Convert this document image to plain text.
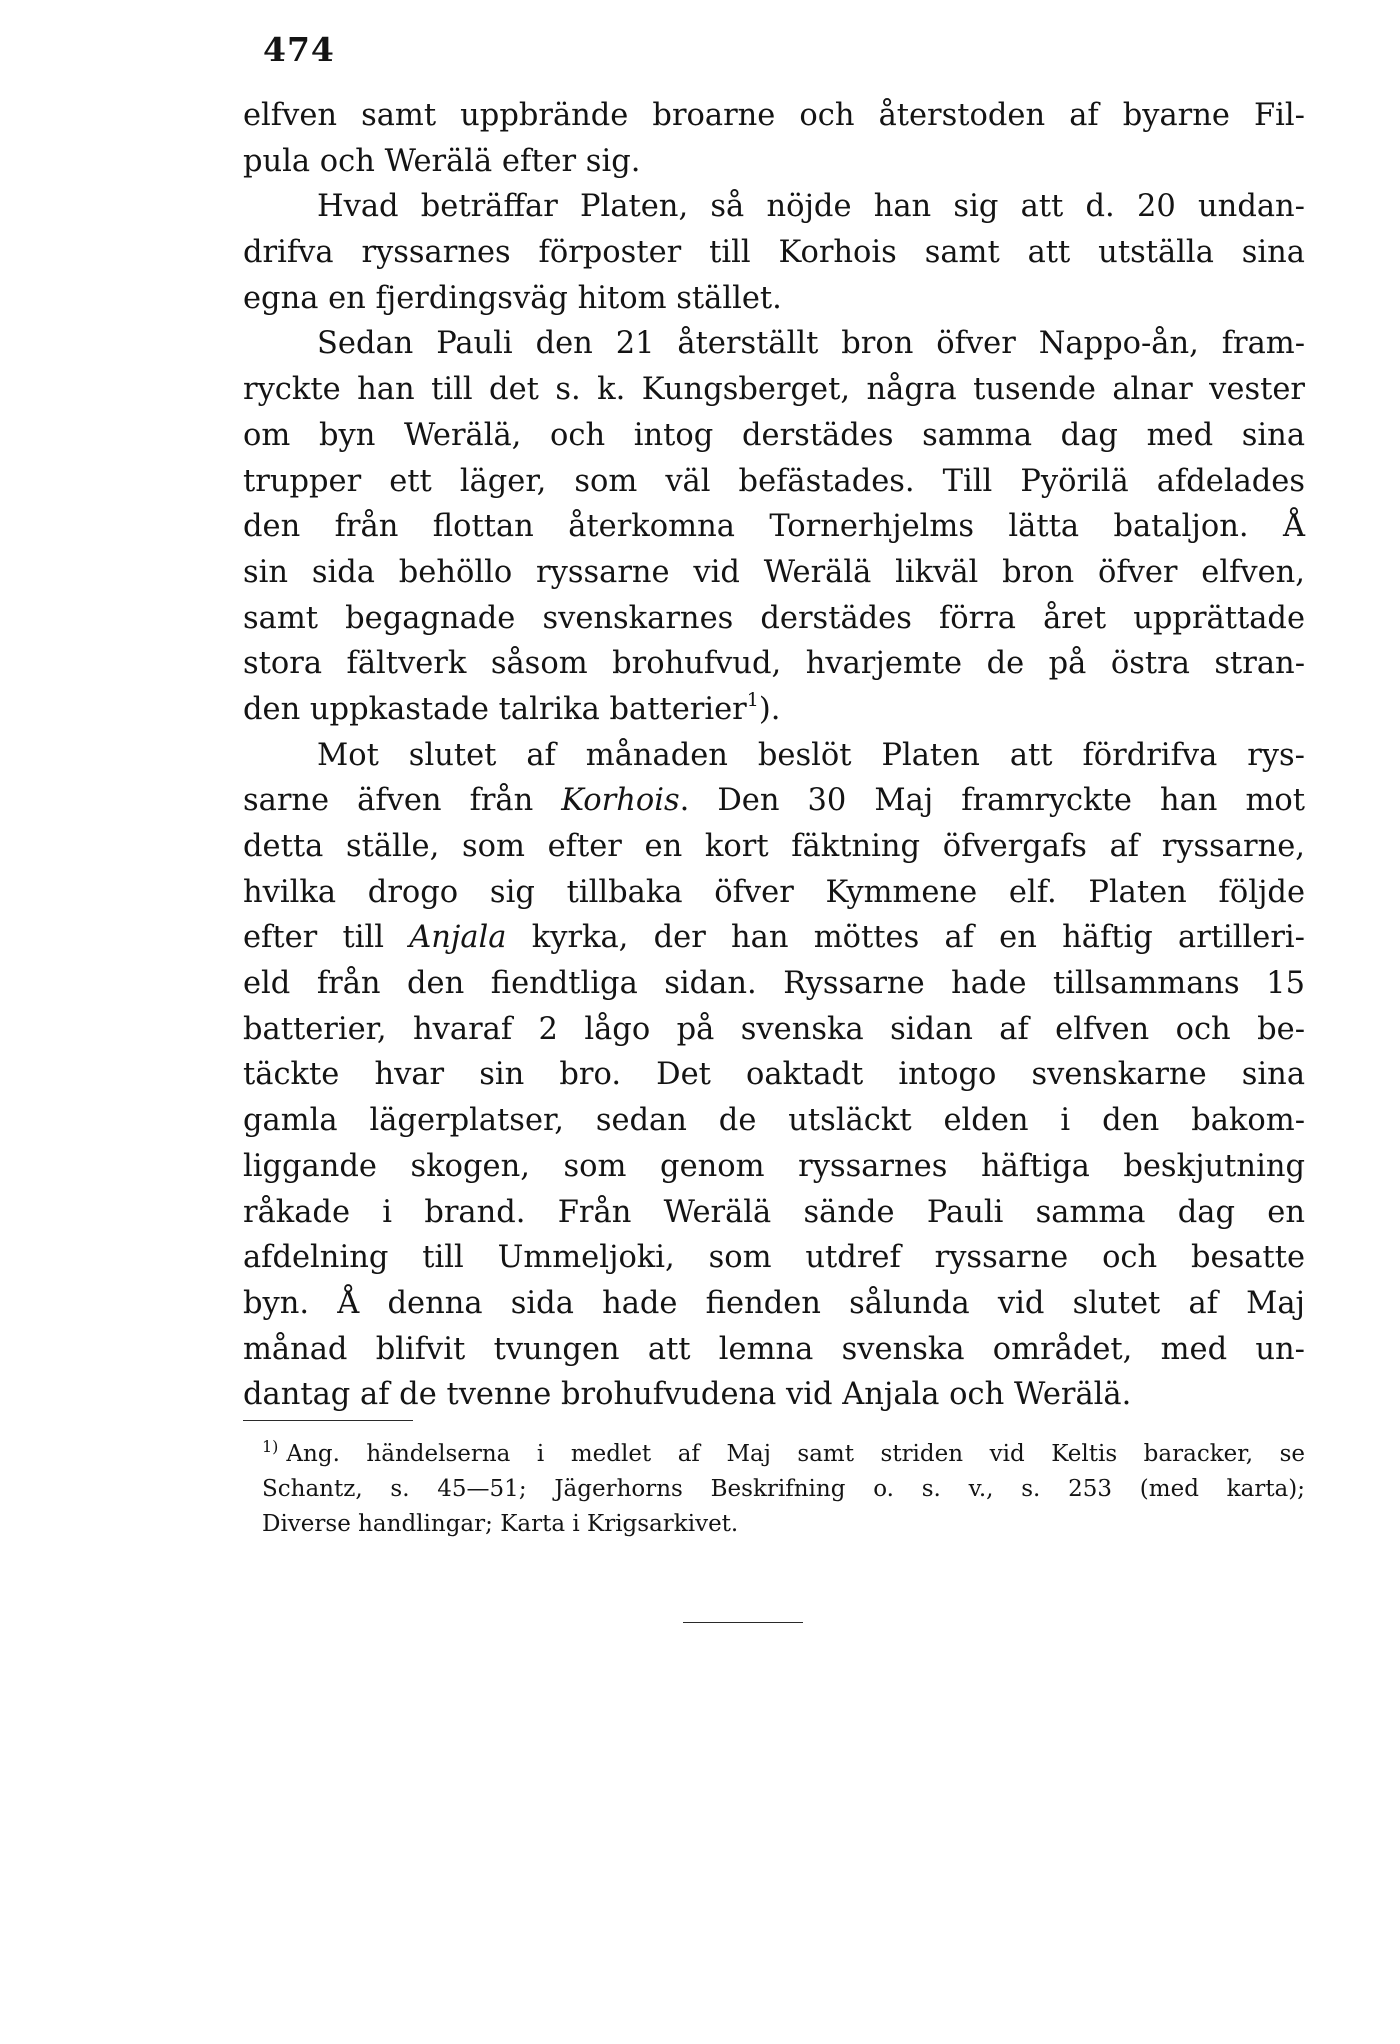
474
elfven samt uppbrände broarne och återstoden af byarne Fil-
pula och Werälä efter sig.
Hvad beträffar Platen, så nöjde han sig att d. 20 undan-
drifva ryssarnes förposter till Korhois samt att utställa sina
egna en fjerdingsväg hitom stället.
Sedan Pauli den 21 återställt bron öfver Nappo-ån, fram-
ryckte han till det s. k. Kungsberget, några tusende alnar vester
om byn Werälä, och intog derstädes samma dag med sina
trupper ett läger, som väl befästades. Till Pyörilä afdelades
den från flottan återkomna Tornerhjelms lätta bataljon. Å
sin sida behöllo ryssarne vid Werälä likväl bron öfver elfven,
samt begagnade svenskarnes derstädes förra året upprättade
stora fältverk såsom brohufvud, hvarjemte de på östra stran-
den uppkastade talrika batterier$^1$).
Mot slutet af månaden beslöt Platen att fördrifva rys-
sarne äfven från Korhois. Den 30 Maj framryckte han mot
detta ställe, som efter en kort fäktning öfvergafs af ryssarne,
hvilka drogo sig tillbaka öfver Kymmene elf. Platen följde
efter till Anjala kyrka, der han möttes af en häftig artilleri-
eld från den fiendtliga sidan. Ryssarne hade tillsammans 15
batterier, hvaraf 2 lågo på svenska sidan af elfven och be-
täckte hvar sin bro. Det oaktadt intogo svenskarne sina
gamla lägerplatser, sedan de utsläckt elden i den bakom-
liggande skogen, som genom ryssarnes häftiga beskjutning
råkade i brand. Från Werälä sände Pauli samma dag en
afdelning till Ummeljoki, som utdref ryssarne och besatte
byn. Å denna sida hade fienden sålunda vid slutet af Maj
månad blifvit tvungen att lemna svenska området, med un-
dantag af de tvenne brohufvudena vid Anjala och Werälä.
$^{1)}$ Ang. händelserna i medlet af Maj samt striden vid Keltis baracker, se
Schantz, s. 45—51; Jägerhorns Beskrifning o. s. v., s. 253 (med karta);
Diverse handlingar; Karta i Krigsarkivet.
